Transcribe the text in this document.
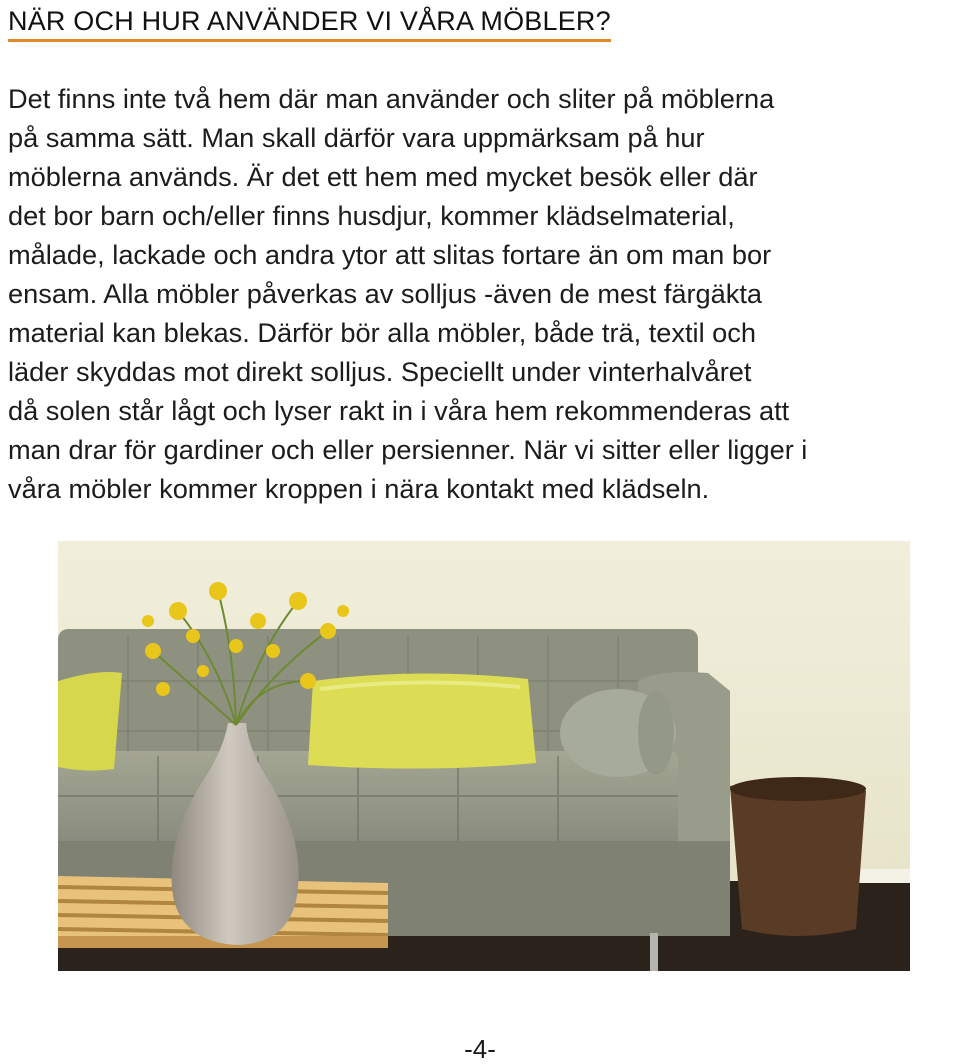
NÄR OCH HUR ANVÄNDER VI VÅRA MÖBLER?
Det finns inte två hem där man använder och sliter på möblerna
på samma sätt. Man skall därför vara uppmärksam på hur
möblerna används. Är det ett hem med mycket besök eller där
det bor barn och/eller finns husdjur, kommer klädselmaterial,
målade, lackade och andra ytor att slitas fortare än om man bor
ensam. Alla möbler påverkas av solljus -även de mest färgäkta
material kan blekas. Därför bör alla möbler, både trä, textil och
läder skyddas mot direkt solljus. Speciellt under vinterhalvåret
då solen står lågt och lyser rakt in i våra hem rekommenderas att
man drar för gardiner och eller persienner. När vi sitter eller ligger i
våra möbler kommer kroppen i nära kontakt med klädseln.
-4-
